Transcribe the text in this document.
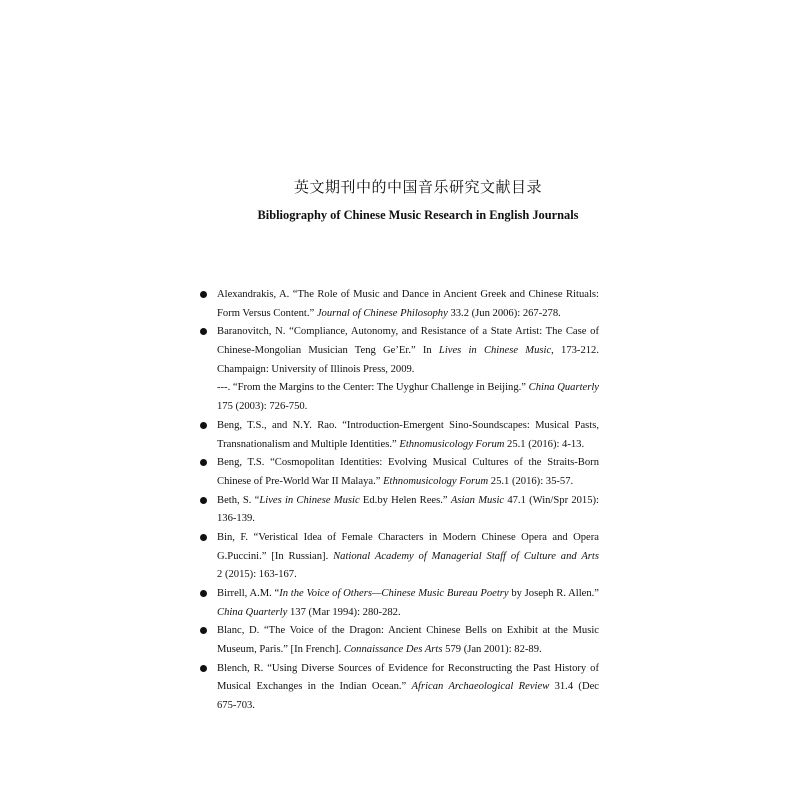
英文期刊中的中国音乐研究文献目录
Bibliography of Chinese Music Research in English Journals
Alexandrakis, A. “The Role of Music and Dance in Ancient Greek and Chinese Rituals:
Form Versus Content.” Journal of Chinese Philosophy 33.2 (Jun 2006): 267-278.
Baranovitch, N. “Compliance, Autonomy, and Resistance of a State Artist: The Case of
Chinese-Mongolian Musician Teng Ge’Er.” In Lives in Chinese Music, 173-212.
Champaign: University of Illinois Press, 2009.
---. “From the Margins to the Center: The Uyghur Challenge in Beijing.” China Quarterly
175 (2003): 726-750.
Beng, T.S., and N.Y. Rao. “Introduction-Emergent Sino-Soundscapes: Musical Pasts,
Transnationalism and Multiple Identities.” Ethnomusicology Forum 25.1 (2016): 4-13.
Beng, T.S. “Cosmopolitan Identities: Evolving Musical Cultures of the Straits-Born
Chinese of Pre-World War II Malaya.” Ethnomusicology Forum 25.1 (2016): 35-57.
Beth, S. “Lives in Chinese Music Ed.by Helen Rees.” Asian Music 47.1 (Win/Spr 2015):
136-139.
Bin, F. “Veristical Idea of Female Characters in Modern Chinese Opera and Opera
G.Puccini.” [In Russian]. National Academy of Managerial Staff of Culture and Arts
2 (2015): 163-167.
Birrell, A.M. “In the Voice of Others—Chinese Music Bureau Poetry by Joseph R. Allen.”
China Quarterly 137 (Mar 1994): 280-282.
Blanc, D. “The Voice of the Dragon: Ancient Chinese Bells on Exhibit at the Music
Museum, Paris.” [In French]. Connaissance Des Arts 579 (Jan 2001): 82-89.
Blench, R. “Using Diverse Sources of Evidence for Reconstructing the Past History of
Musical Exchanges in the Indian Ocean.” African Archaeological Review 31.4 (Dec
675-703.
